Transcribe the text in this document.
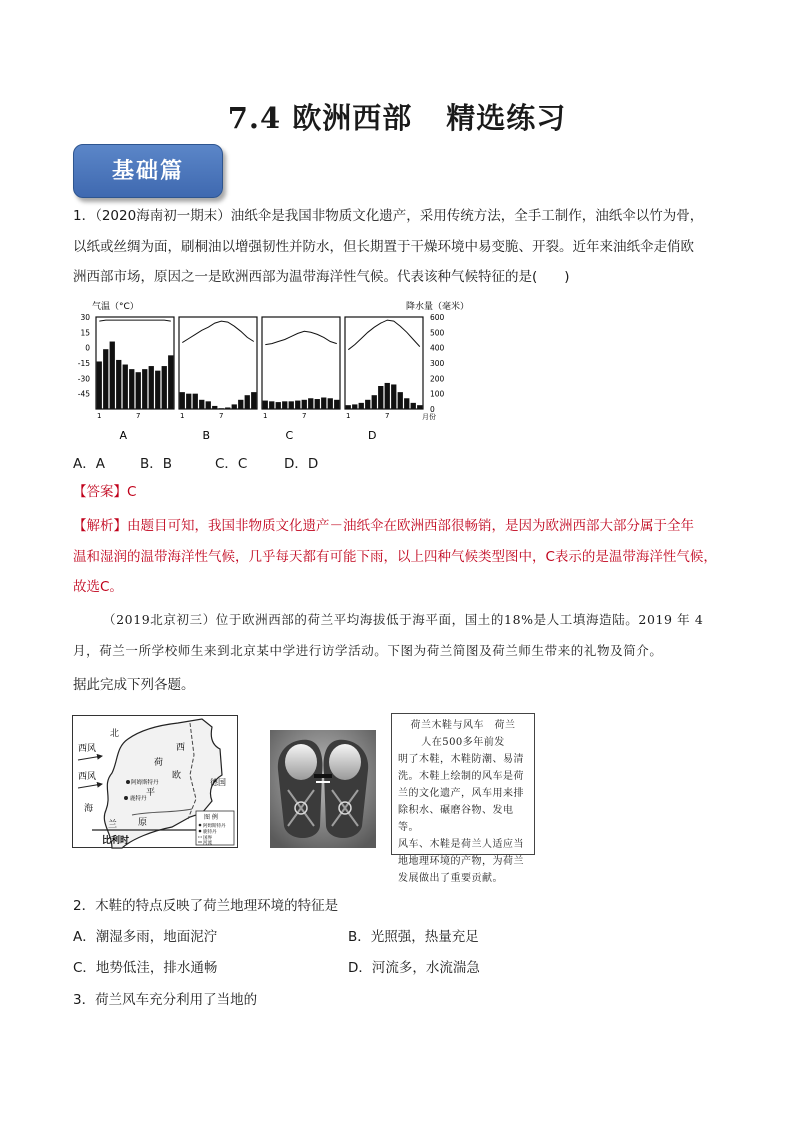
7.4 欧洲西部 精选练习
基础篇
1．（2020海南初一期末）油纸伞是我国非物质文化遗产，采用传统方法，全手工制作，油纸伞以竹为骨，
以纸或丝绸为面，刷桐油以增强韧性并防水，但长期置于干燥环境中易变脆、开裂。近年来油纸伞走俏欧
洲西部市场，原因之一是欧洲西部为温带海洋性气候。代表该种气候特征的是(　　)
气温（°C）	降水量（毫米）
30
15
0
-15
-30
-45
600
500
400
300
200
100
0
1	7
A
1	7
B
1	7
C
1	7
D
月份
A．A	B．B	C．C	D．D
【答案】C
【解析】由题目可知，我国非物质文化遗产－油纸伞在欧洲西部很畅销，是因为欧洲西部大部分属于全年
温和湿润的温带海洋性气候，几乎每天都有可能下雨，以上四种气候类型图中，C表示的是温带海洋性气候，
故选C。
（2019北京初三）位于欧洲西部的荷兰平均海拔低于海平面，国土的18%是人工填海造陆。2019 年 4
月，荷兰一所学校师生来到北京某中学进行访学活动。下图为荷兰简图及荷兰师生带来的礼物及简介。
据此完成下列各题。
北
西
欧
西风
荷
海
西风
平
兰 原
德国
比利时
阿姆斯特丹
鹿特丹
图 例
阿姆斯特丹
鹿特丹
国界
河流
荷兰木鞋与风车　荷兰
人在500多年前发
明了木鞋，木鞋防潮、易清
洗。木鞋上绘制的风车是荷
兰的文化遗产，风车用来排
除积水、碾磨谷物、发电等。
风车、木鞋是荷兰人适应当
地地理环境的产物，为荷兰
发展做出了重要贡献。
2．木鞋的特点反映了荷兰地理环境的特征是
A．潮湿多雨，地面泥泞	B．光照强，热量充足
C．地势低洼，排水通畅	D．河流多，水流湍急
3．荷兰风车充分利用了当地的
